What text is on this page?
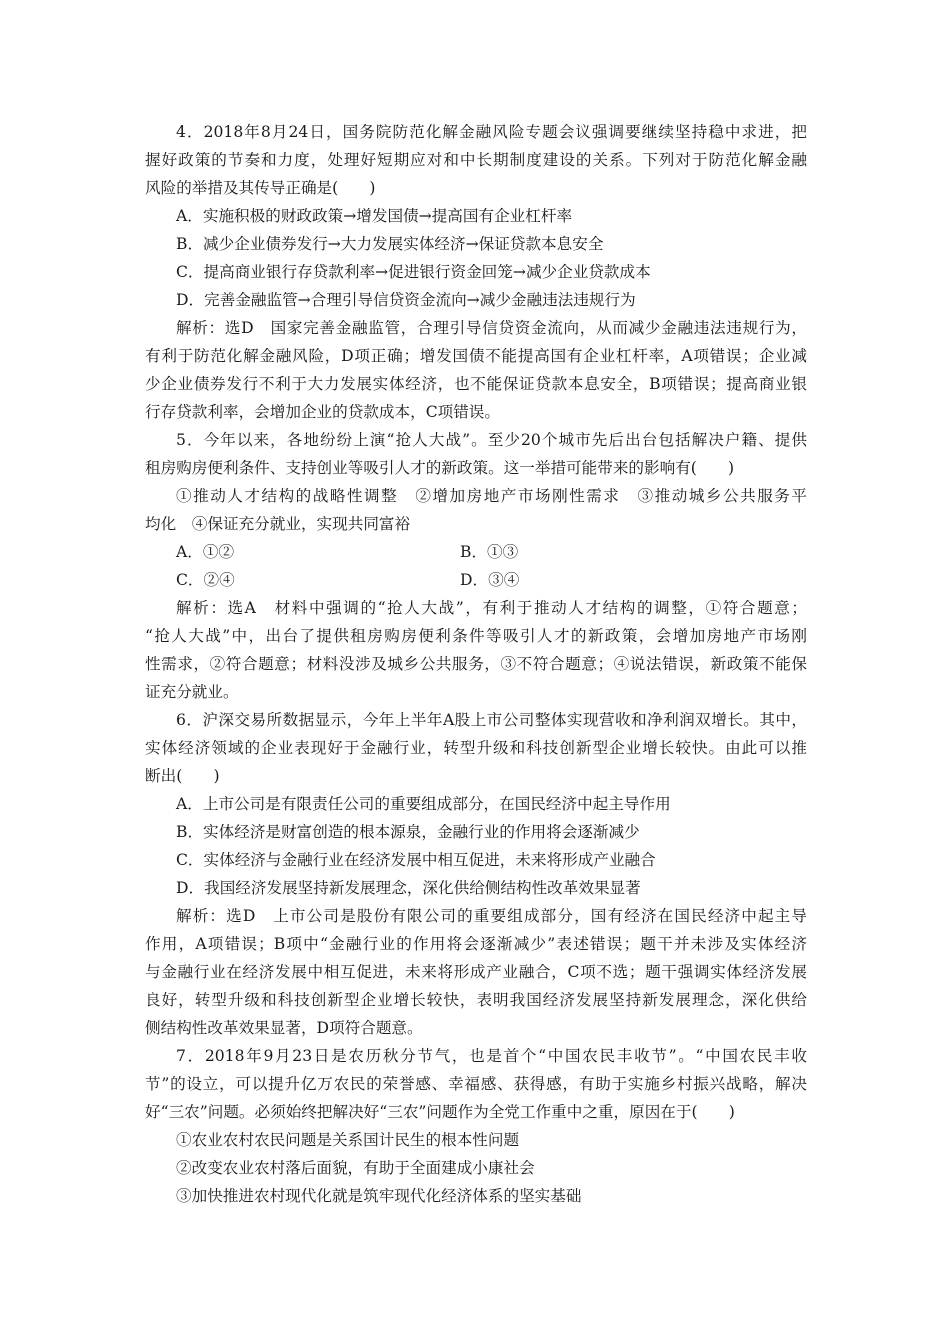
4．2018年8月24日，国务院防范化解金融风险专题会议强调要继续坚持稳中求进，把
握好政策的节奏和力度，处理好短期应对和中长期制度建设的关系。下列对于防范化解金融
风险的举措及其传导正确是(　　)
A．实施积极的财政政策→增发国债→提高国有企业杠杆率
B．减少企业债券发行→大力发展实体经济→保证贷款本息安全
C．提高商业银行存贷款利率→促进银行资金回笼→减少企业贷款成本
D．完善金融监管→合理引导信贷资金流向→减少金融违法违规行为
解析：选D　国家完善金融监管，合理引导信贷资金流向，从而减少金融违法违规行为，
有利于防范化解金融风险，D项正确；增发国债不能提高国有企业杠杆率，A项错误；企业减
少企业债券发行不利于大力发展实体经济，也不能保证贷款本息安全，B项错误；提高商业银
行存贷款利率，会增加企业的贷款成本，C项错误。
5．今年以来，各地纷纷上演“抢人大战”。至少20个城市先后出台包括解决户籍、提供
租房购房便利条件、支持创业等吸引人才的新政策。这一举措可能带来的影响有(　　)
①推动人才结构的战略性调整　②增加房地产市场刚性需求　③推动城乡公共服务平
均化　④保证充分就业，实现共同富裕
A．①②	B．①③
C．②④	D．③④
解析：选A　材料中强调的“抢人大战”，有利于推动人才结构的调整，①符合题意；
“抢人大战”中，出台了提供租房购房便利条件等吸引人才的新政策，会增加房地产市场刚
性需求，②符合题意；材料没涉及城乡公共服务，③不符合题意；④说法错误，新政策不能保
证充分就业。
6．沪深交易所数据显示，今年上半年A股上市公司整体实现营收和净利润双增长。其中，
实体经济领域的企业表现好于金融行业，转型升级和科技创新型企业增长较快。由此可以推
断出(　　)
A．上市公司是有限责任公司的重要组成部分，在国民经济中起主导作用
B．实体经济是财富创造的根本源泉，金融行业的作用将会逐渐减少
C．实体经济与金融行业在经济发展中相互促进，未来将形成产业融合
D．我国经济发展坚持新发展理念，深化供给侧结构性改革效果显著
解析：选D　上市公司是股份有限公司的重要组成部分，国有经济在国民经济中起主导
作用，A项错误；B项中“金融行业的作用将会逐渐减少”表述错误；题干并未涉及实体经济
与金融行业在经济发展中相互促进，未来将形成产业融合，C项不选；题干强调实体经济发展
良好，转型升级和科技创新型企业增长较快，表明我国经济发展坚持新发展理念，深化供给
侧结构性改革效果显著，D项符合题意。
7．2018年9月23日是农历秋分节气，也是首个“中国农民丰收节”。“中国农民丰收
节”的设立，可以提升亿万农民的荣誉感、幸福感、获得感，有助于实施乡村振兴战略，解决
好“三农”问题。必须始终把解决好“三农”问题作为全党工作重中之重，原因在于(　　)
①农业农村农民问题是关系国计民生的根本性问题
②改变农业农村落后面貌，有助于全面建成小康社会
③加快推进农村现代化就是筑牢现代化经济体系的坚实基础
